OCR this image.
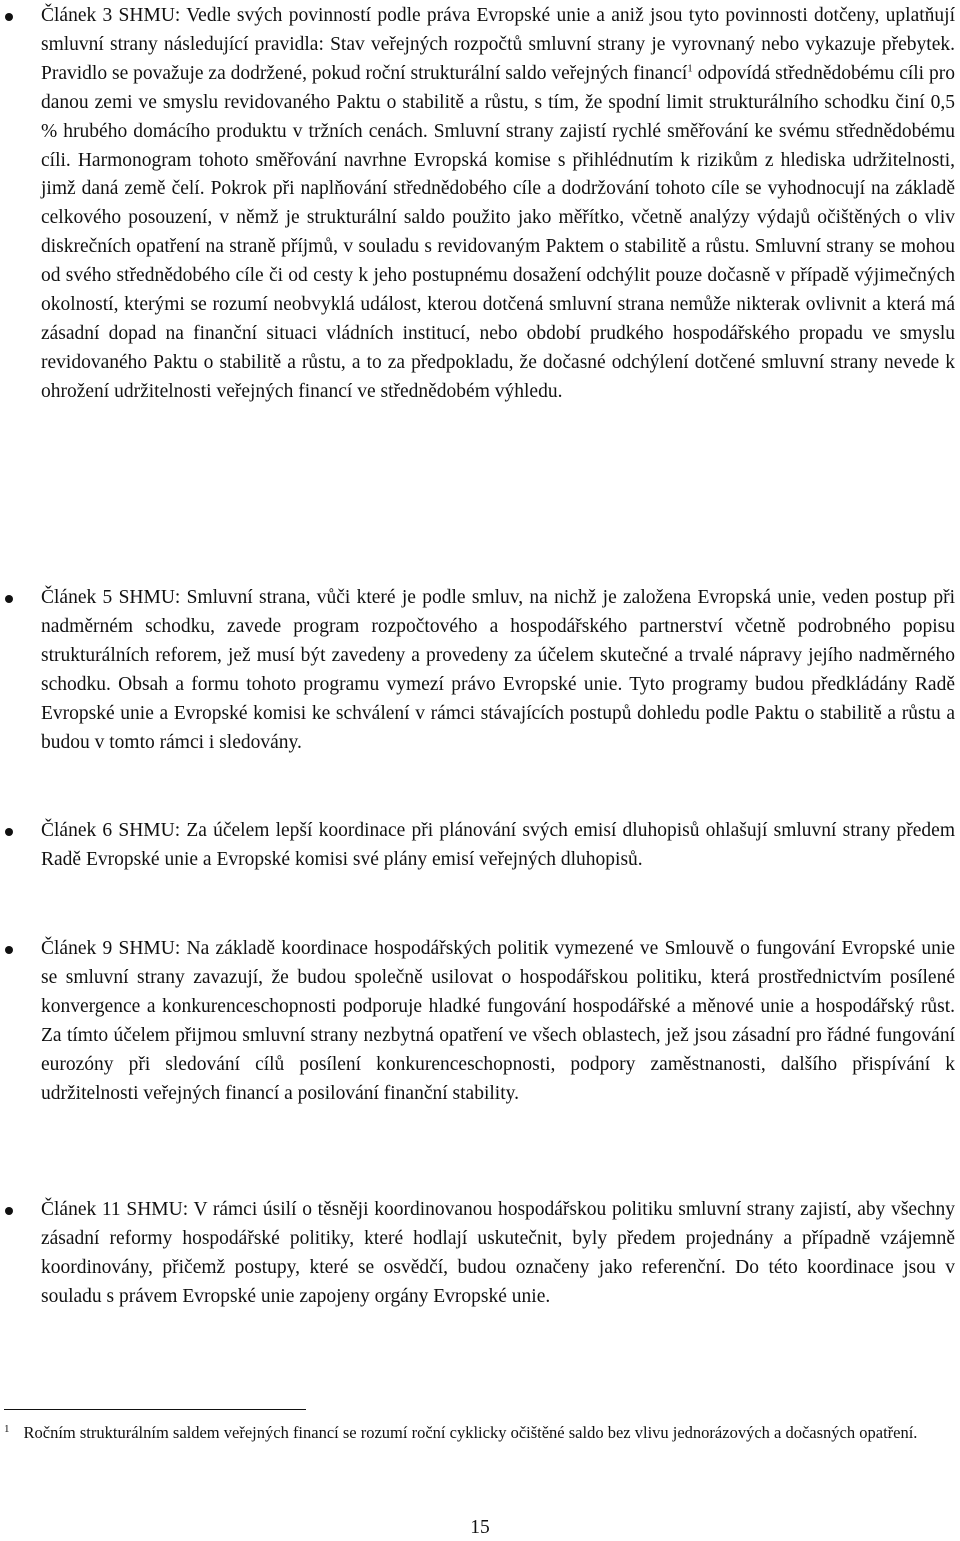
Článek 3 SHMU: Vedle svých povinností podle práva Evropské unie a aniž jsou tyto povinnosti dotčeny, uplatňují smluvní strany následující pravidla: Stav veřejných rozpočtů smluvní strany je vyrovnaný nebo vykazuje přebytek. Pravidlo se považuje za dodržené, pokud roční strukturální saldo veřejných financí$^1$ odpovídá střednědobému cíli pro danou zemi ve smyslu revidovaného Paktu o stabilitě a růstu, s tím, že spodní limit strukturálního schodku činí 0,5 % hrubého domácího produktu v tržních cenách. Smluvní strany zajistí rychlé směřování ke svému střednědobému cíli. Harmonogram tohoto směřování navrhne Evropská komise s přihlédnutím k rizikům z hlediska udržitelnosti, jimž daná země čelí. Pokrok při naplňování střednědobého cíle a dodržování tohoto cíle se vyhodnocují na základě celkového posouzení, v němž je strukturální saldo použito jako měřítko, včetně analýzy výdajů očištěných o vliv diskrečních opatření na straně příjmů, v souladu s revidovaným Paktem o stabilitě a růstu. Smluvní strany se mohou od svého střednědobého cíle či od cesty k jeho postupnému dosažení odchýlit pouze dočasně v případě výjimečných okolností, kterými se rozumí neobvyklá událost, kterou dotčená smluvní strana nemůže nikterak ovlivnit a která má zásadní dopad na finanční situaci vládních institucí, nebo období prudkého hospodářského propadu ve smyslu revidovaného Paktu o stabilitě a růstu, a to za předpokladu, že dočasné odchýlení dotčené smluvní strany nevede k ohrožení udržitelnosti veřejných financí ve střednědobém výhledu.
Článek 5 SHMU: Smluvní strana, vůči které je podle smluv, na nichž je založena Evropská unie, veden postup při nadměrném schodku, zavede program rozpočtového a hospodářského partnerství včetně podrobného popisu strukturálních reforem, jež musí být zavedeny a provedeny za účelem skutečné a trvalé nápravy jejího nadměrného schodku. Obsah a formu tohoto programu vymezí právo Evropské unie. Tyto programy budou předkládány Radě Evropské unie a Evropské komisi ke schválení v rámci stávajících postupů dohledu podle Paktu o stabilitě a růstu a budou v tomto rámci i sledovány.
Článek 6 SHMU: Za účelem lepší koordinace při plánování svých emisí dluhopisů ohlašují smluvní strany předem Radě Evropské unie a Evropské komisi své plány emisí veřejných dluhopisů.
Článek 9 SHMU: Na základě koordinace hospodářských politik vymezené ve Smlouvě o fungování Evropské unie se smluvní strany zavazují, že budou společně usilovat o hospodářskou politiku, která prostřednictvím posílené konvergence a konkurenceschopnosti podporuje hladké fungování hospodářské a měnové unie a hospodářský růst. Za tímto účelem přijmou smluvní strany nezbytná opatření ve všech oblastech, jež jsou zásadní pro řádné fungování eurozóny při sledování cílů posílení konkurenceschopnosti, podpory zaměstnanosti, dalšího přispívání k udržitelnosti veřejných financí a posilování finanční stability.
Článek 11 SHMU: V rámci úsilí o těsněji koordinovanou hospodářskou politiku smluvní strany zajistí, aby všechny zásadní reformy hospodářské politiky, které hodlají uskutečnit, byly předem projednány a případně vzájemně koordinovány, přičemž postupy, které se osvědčí, budou označeny jako referenční. Do této koordinace jsou v souladu s právem Evropské unie zapojeny orgány Evropské unie.
$^1$ Ročním strukturálním saldem veřejných financí se rozumí roční cyklicky očištěné saldo bez vlivu jednorázových a dočasných opatření.
15
